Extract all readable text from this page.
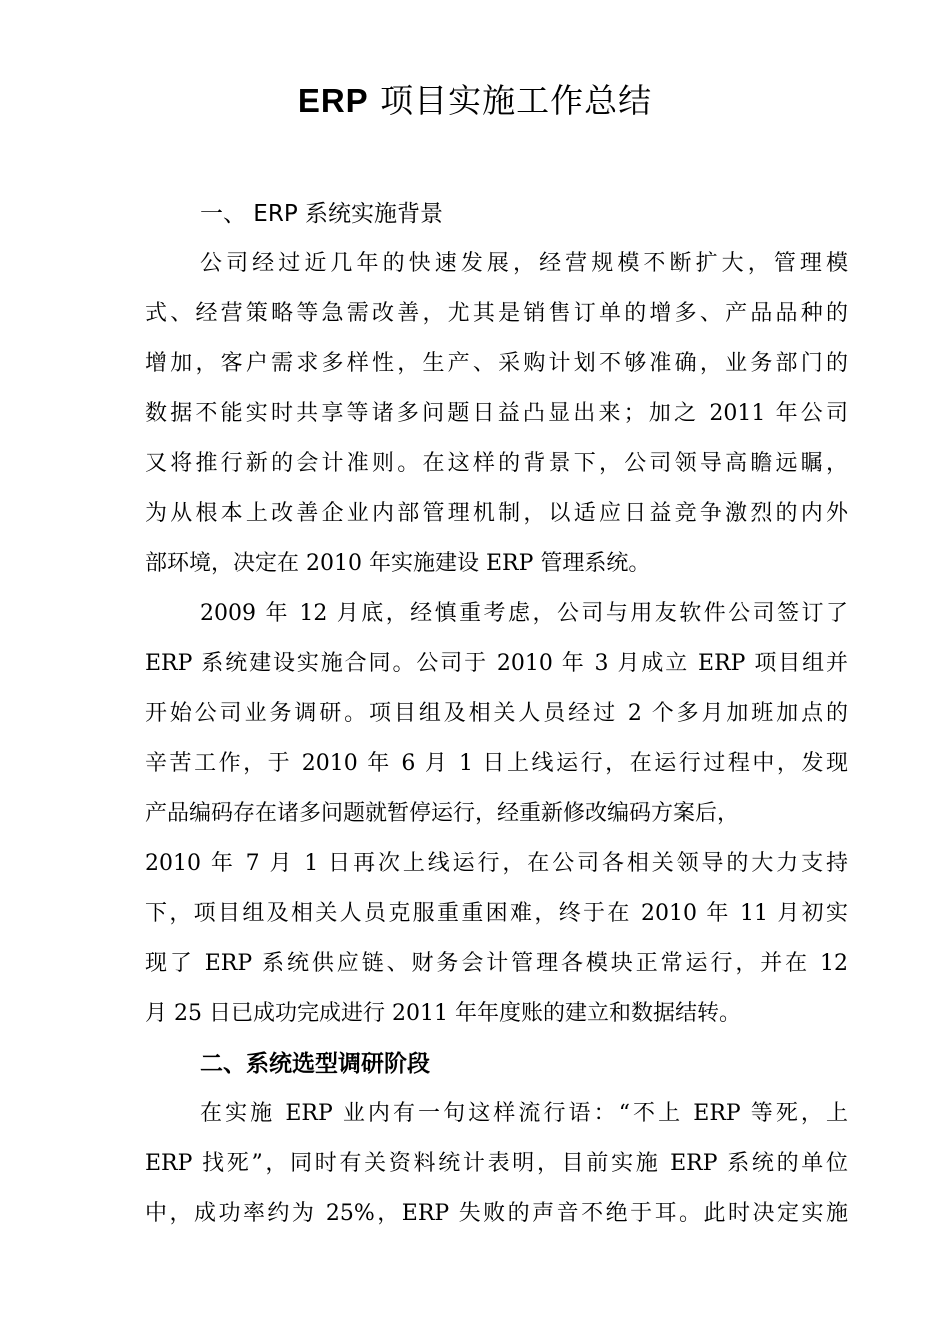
ERP 项目实施工作总结
一、 ERP 系统实施背景
公司经过近几年的快速发展，经营规模不断扩大，管理模
式、经营策略等急需改善，尤其是销售订单的增多、产品品种的
增加，客户需求多样性，生产、采购计划不够准确，业务部门的
数据不能实时共享等诸多问题日益凸显出来；加之 2011 年公司
又将推行新的会计准则。在这样的背景下，公司领导高瞻远瞩，
为从根本上改善企业内部管理机制，以适应日益竞争激烈的内外
部环境，决定在 2010 年实施建设 ERP 管理系统。
2009 年 12 月底，经慎重考虑，公司与用友软件公司签订了
ERP 系统建设实施合同。公司于 2010 年 3 月成立 ERP 项目组并
开始公司业务调研。项目组及相关人员经过 2 个多月加班加点的
辛苦工作，于 2010 年 6 月 1 日上线运行，在运行过程中，发现
产品编码存在诸多问题就暂停运行，经重新修改编码方案后，
2010 年 7 月 1 日再次上线运行，在公司各相关领导的大力支持
下，项目组及相关人员克服重重困难，终于在 2010 年 11 月初实
现了 ERP 系统供应链、财务会计管理各模块正常运行，并在 12
月 25 日已成功完成进行 2011 年年度账的建立和数据结转。
二、系统选型调研阶段
在实施 ERP 业内有一句这样流行语：“不上 ERP 等死，上
ERP 找死”，同时有关资料统计表明，目前实施 ERP 系统的单位
中，成功率约为 25%，ERP 失败的声音不绝于耳。此时决定实施
